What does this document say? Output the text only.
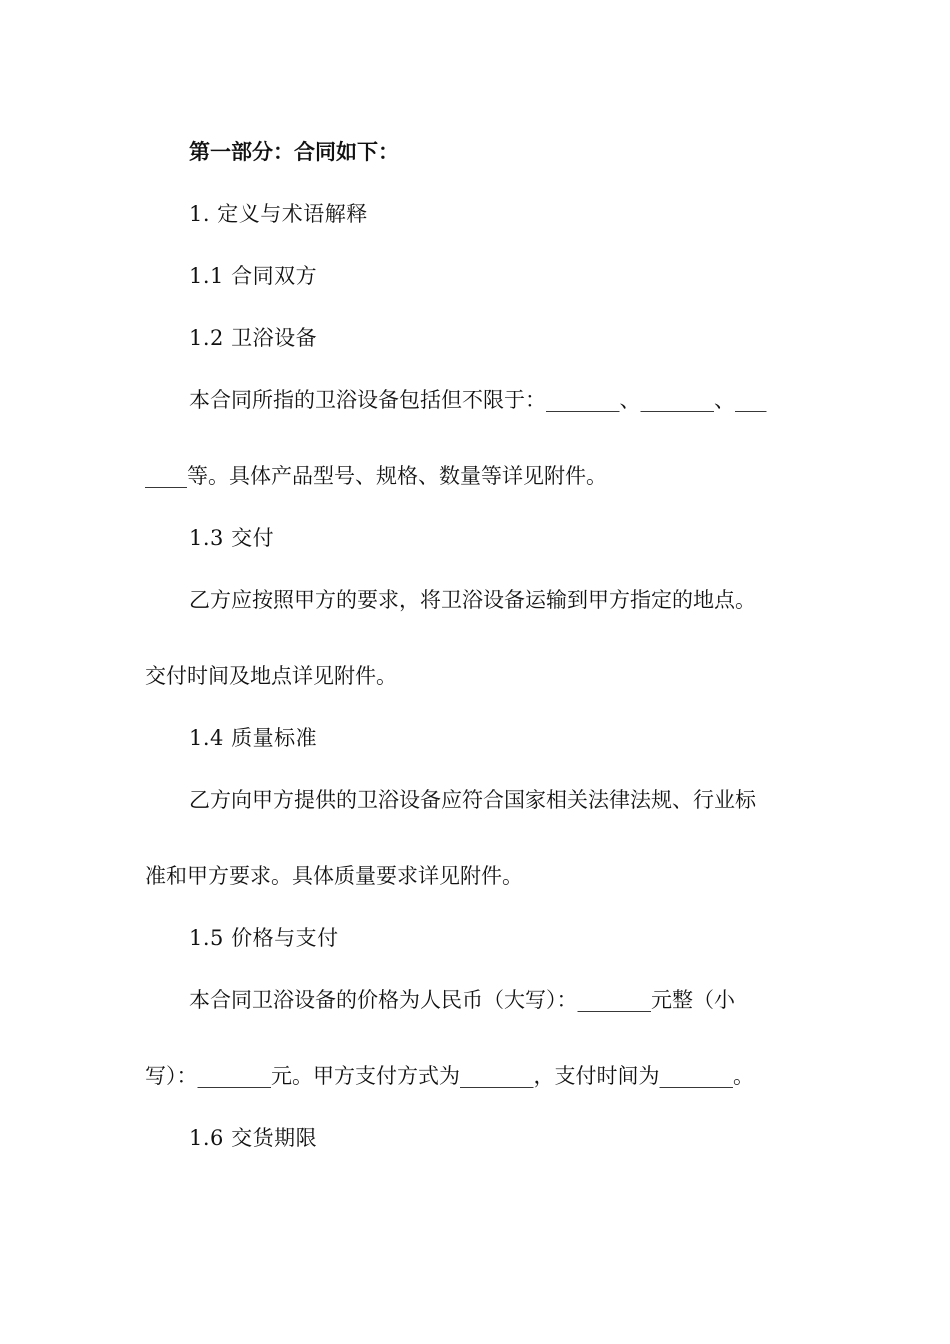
第一部分：合同如下：

1. 定义与术语解释

1.1 合同双方

1.2 卫浴设备

本合同所指的卫浴设备包括但不限于：_______、_______、___

____等。具体产品型号、规格、数量等详见附件。

1.3 交付

乙方应按照甲方的要求，将卫浴设备运输到甲方指定的地点。

交付时间及地点详见附件。

1.4 质量标准

乙方向甲方提供的卫浴设备应符合国家相关法律法规、行业标

准和甲方要求。具体质量要求详见附件。

1.5 价格与支付

本合同卫浴设备的价格为人民币（大写）：_______元整（小

写）：_______元。甲方支付方式为_______，支付时间为_______。

1.6 交货期限
